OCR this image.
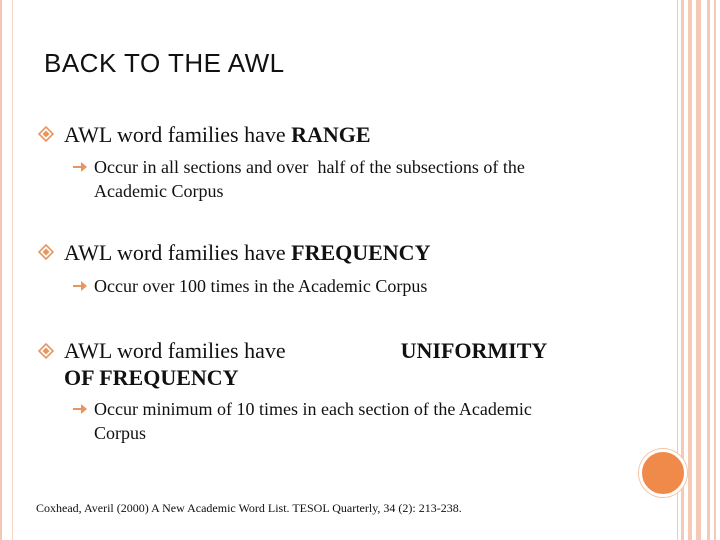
BACK TO THE AWL
AWL word families have RANGE
Occur in all sections and over half of the subsections of the
Academic Corpus
AWL word families have FREQUENCY
Occur over 100 times in the Academic Corpus
AWL word families have	UNIFORMITY
OF FREQUENCY
Occur minimum of 10 times in each section of the Academic
Corpus
Coxhead, Averil (2000) A New Academic Word List. TESOL Quarterly, 34 (2): 213-238.
